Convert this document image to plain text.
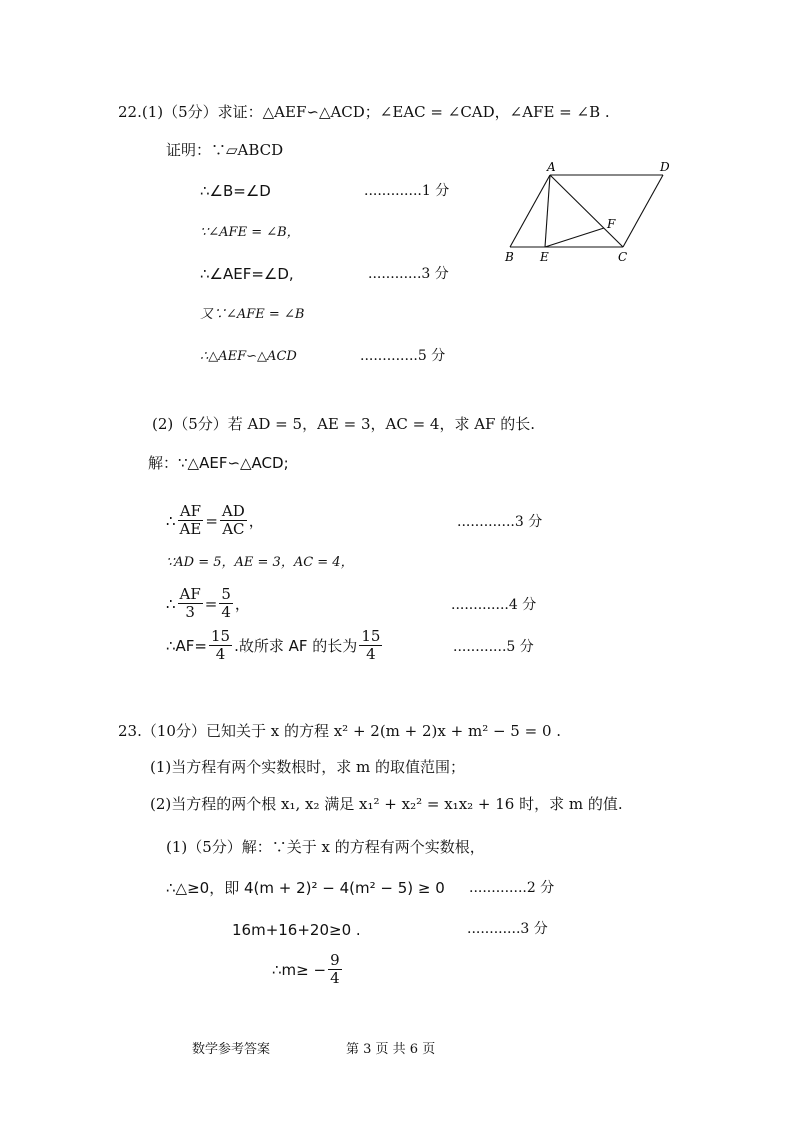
22.(1)（5分）求证：△AEF∽△ACD；∠EAC = ∠CAD，∠AFE = ∠B .
证明：∵▱ABCD
∴∠B=∠D	.............1 分
∵∠AFE = ∠B，
∴∠AEF=∠D,	............3 分
又∵∠AFE = ∠B
∴△AEF∽△ACD	.............5 分
A	D
B E	C
F
(2)（5分）若 AD = 5，AE = 3，AC = 4，求 AF 的长.
解：∵△AEF∽△ACD;
∴ $\frac{AF}{AE} = \frac{AD}{AC}$ ，	.............3 分
∵AD = 5，AE = 3，AC = 4，
∴ $\frac{AF}{3} = \frac{5}{4}$ ，	.............4 分
∴AF= $\frac{15}{4}$ .故所求 AF 的长为 $\frac{15}{4}$	............5 分
23.（10分）已知关于 x 的方程 x² + 2(m + 2)x + m² − 5 = 0 .
(1)当方程有两个实数根时，求 m 的取值范围；
(2)当方程的两个根 x₁, x₂ 满足 x₁² + x₂² = x₁x₂ + 16 时，求 m 的值.
(1)（5分）解：∵关于 x 的方程有两个实数根，
∴△≥0，即 4(m + 2)² − 4(m² − 5) ≥ 0 .............2 分
16m+16+20≥0 .	............3 分
∴m≥ − $\frac{9}{4}$
数学参考答案	第 3 页 共 6 页
